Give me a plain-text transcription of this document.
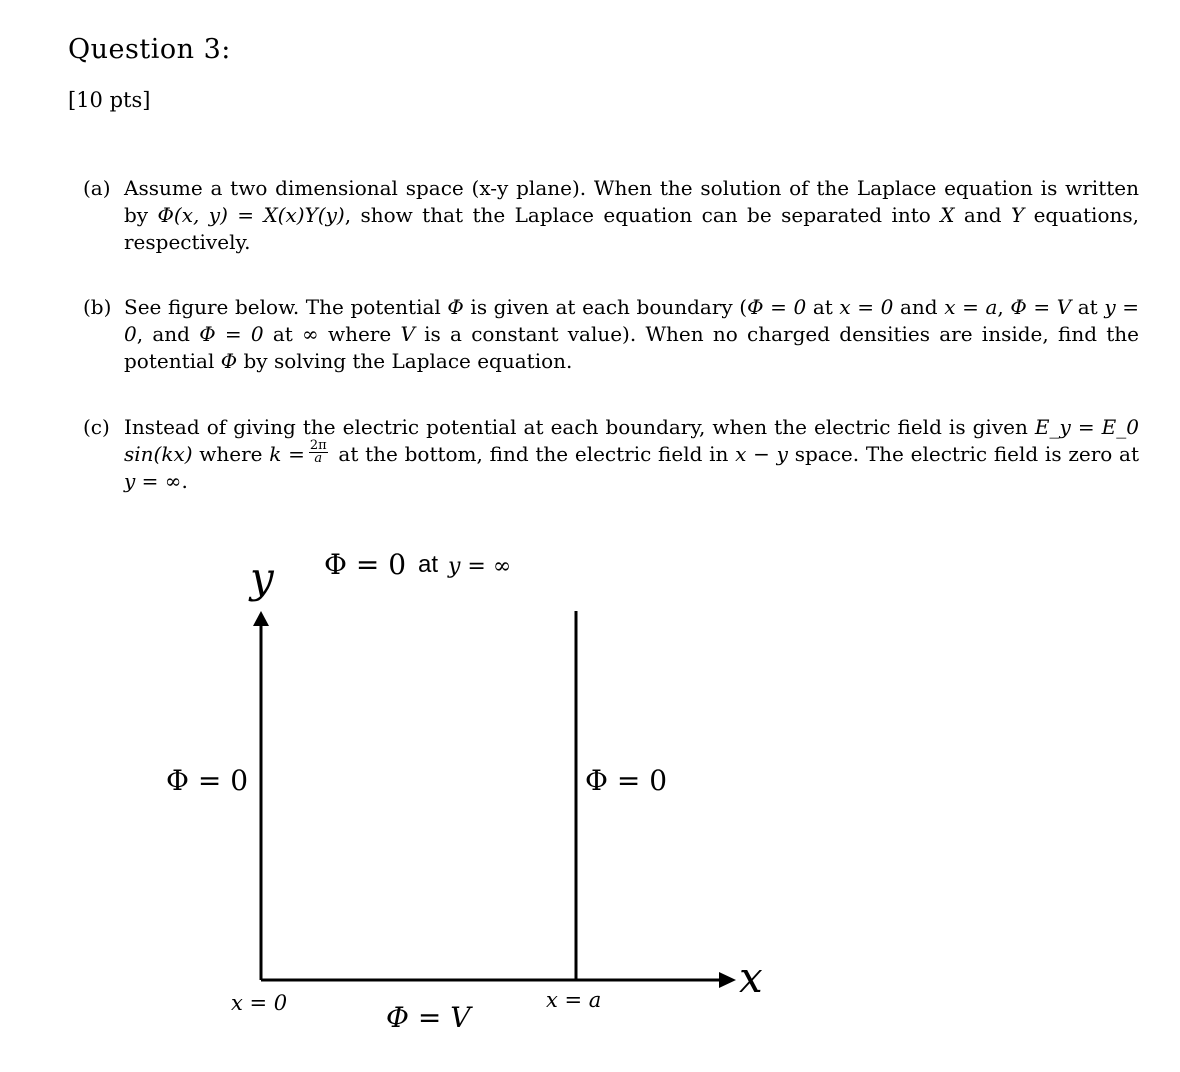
Question 3:
[10 pts]
(a) Assume a two dimensional space (x-y plane). When the solution of the Laplace equation is written by Φ(x, y) = X(x)Y(y), show that the Laplace equation can be separated into X and Y equations, respectively.
(b) See figure below. The potential Φ is given at each boundary (Φ = 0 at x = 0 and x = a, Φ = V at y = 0, and Φ = 0 at ∞ where V is a constant value). When no charged densities are inside, find the potential Φ by solving the Laplace equation.
(c) Instead of giving the electric potential at each boundary, when the electric field is given E_y = E_0 sin(kx) where $k = \frac{2\pi}{a}$ at the bottom, find the electric field in x − y space. The electric field is zero at y = ∞.
y
x
Φ = 0 at y = ∞
Φ = 0	Φ = 0
x = 0	x = a
Φ = V
